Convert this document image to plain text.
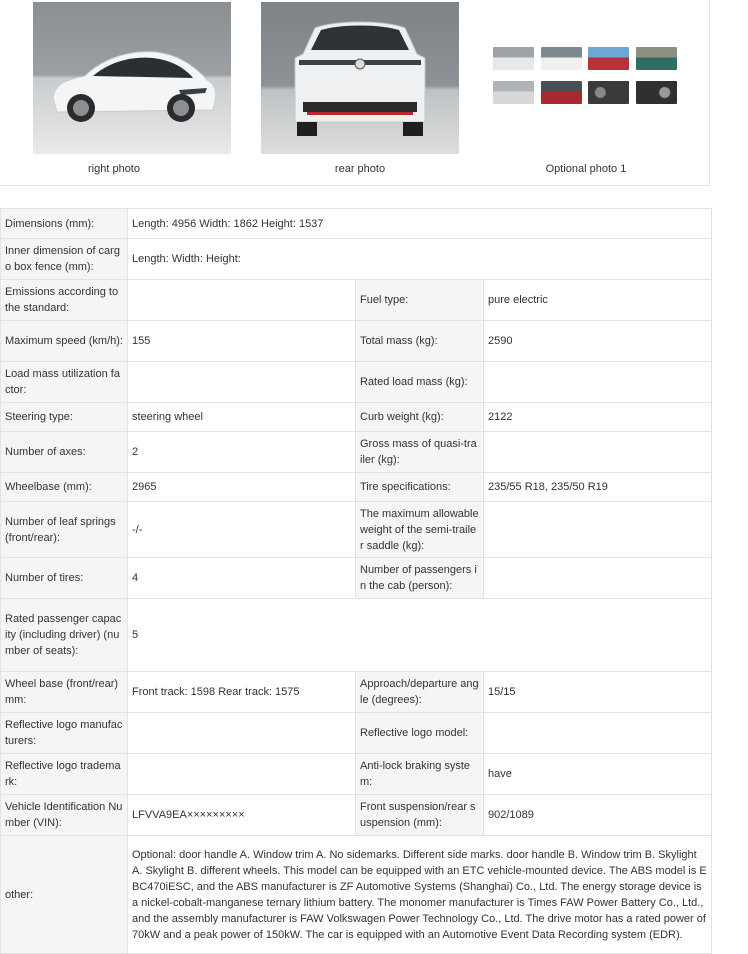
right photo	rear photo	Optional photo 1
Dimensions (mm):	Length: 4956 Width: 1862 Height: 1537		
Inner dimension of cargo box fence (mm):	Length: Width: Height:		
Emissions according to the standard:		Fuel type:	pure electric
Maximum speed (km/h):	155	Total mass (kg):	2590
Load mass utilization factor:		Rated load mass (kg):	
Steering type:	steering wheel	Curb weight (kg):	2122
Number of axes:	2	Gross mass of quasi-trailer (kg):	
Wheelbase (mm):	2965	Tire specifications:	235/55 R18, 235/50 R19
Number of leaf springs (front/rear):	-/-	The maximum allowable weight of the semi-trailer saddle (kg):	
Number of tires:	4	Number of passengers in the cab (person):	
Rated passenger capacity (including driver) (number of seats):	5		
Wheel base (front/rear) mm:	Front track: 1598 Rear track: 1575	Approach/departure angle (degrees):	15/15
Reflective logo manufacturers:		Reflective logo model:	
Reflective logo trademark:		Anti-lock braking system:	have
Vehicle Identification Number (VIN):	LFVVA9EA×××××××××	Front suspension/rear suspension (mm):	902/1089
other:	Optional: door handle A. Window trim A. No sidemarks. Different side marks. door handle B. Window trim B. Skylight A. Skylight B. different wheels. This model can be equipped with an ETC vehicle-mounted device. The ABS model is EBC470iESC, and the ABS manufacturer is ZF Automotive Systems (Shanghai) Co., Ltd. The energy storage device is a nickel-cobalt-manganese ternary lithium battery. The monomer manufacturer is Times FAW Power Battery Co., Ltd., and the assembly manufacturer is FAW Volkswagen Power Technology Co., Ltd. The drive motor has a rated power of 70kW and a peak power of 150kW. The car is equipped with an Automotive Event Data Recording system (EDR).		
